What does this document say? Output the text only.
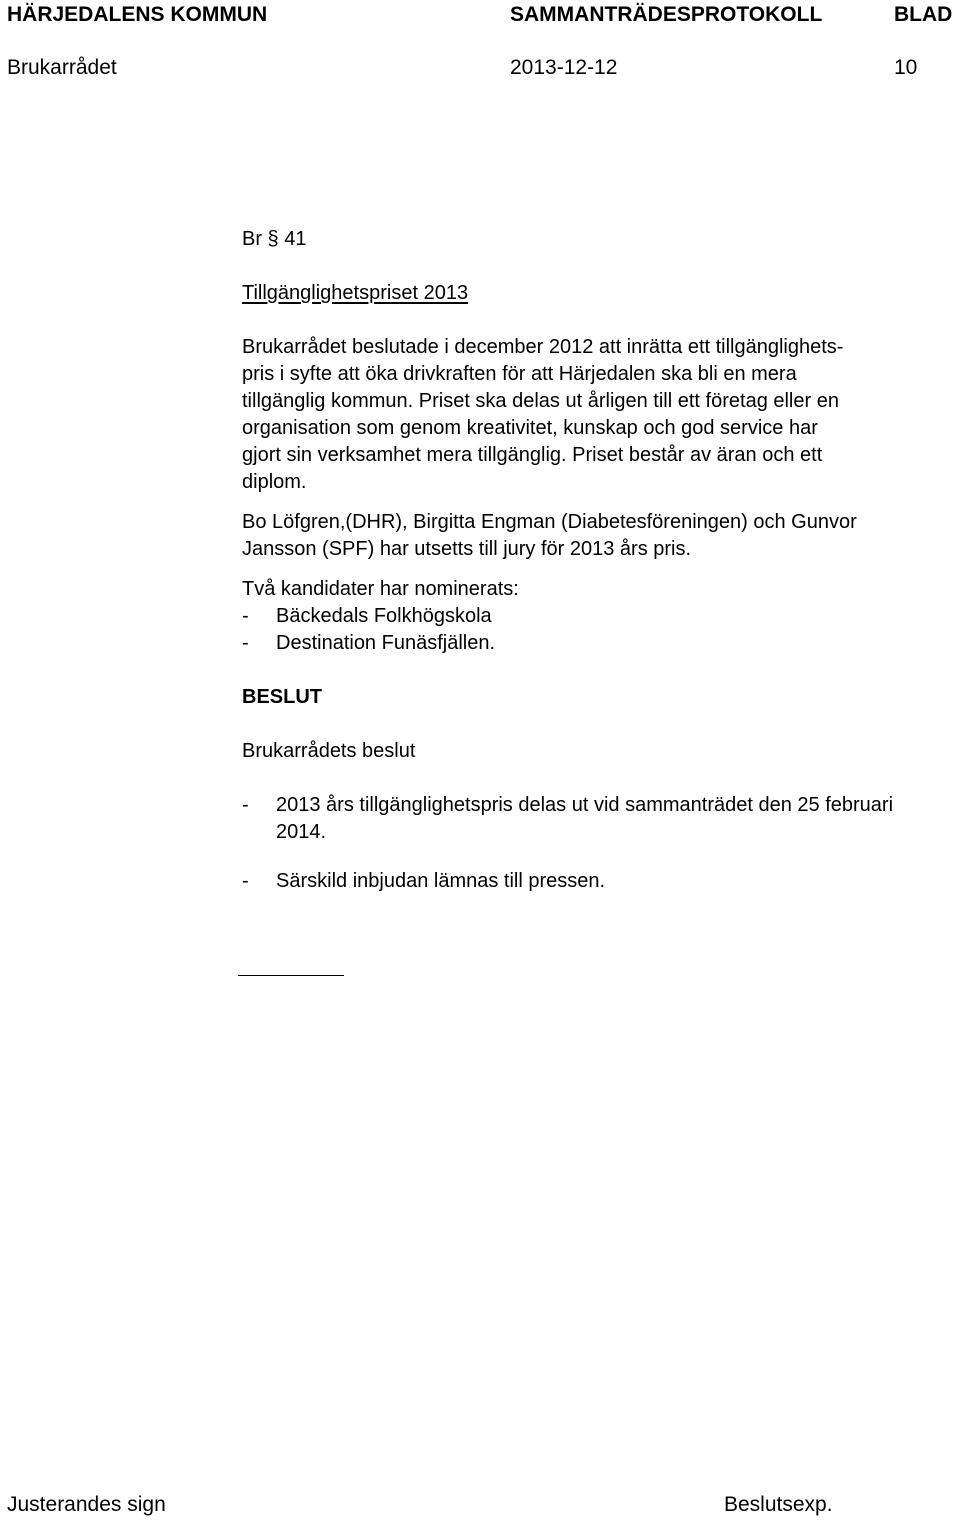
HÄRJEDALENS KOMMUN	SAMMANTRÄDESPROTOKOLL	BLAD
Brukarrådet	2013-12-12	10

Br § 41

Tillgänglighetspriset 2013

Brukarrådet beslutade i december 2012 att inrätta ett tillgänglighets-

pris i syfte att öka drivkraften för att Härjedalen ska bli en mera

tillgänglig kommun. Priset ska delas ut årligen till ett företag eller en

organisation som genom kreativitet, kunskap och god service har

gjort sin verksamhet mera tillgänglig. Priset består av äran och ett

diplom.

Bo Löfgren,(DHR), Birgitta Engman (Diabetesföreningen) och Gunvor

Jansson (SPF) har utsetts till jury för 2013 års pris.

Två kandidater har nominerats:

-	Bäckedals Folkhögskola
-	Destination Funäsfjällen.

BESLUT

Brukarrådets beslut

-	2013 års tillgänglighetspris delas ut vid sammanträdet den 25 februari 2014.
-	Särskild inbjudan lämnas till pressen.
Justerandes sign	Beslutsexp.
